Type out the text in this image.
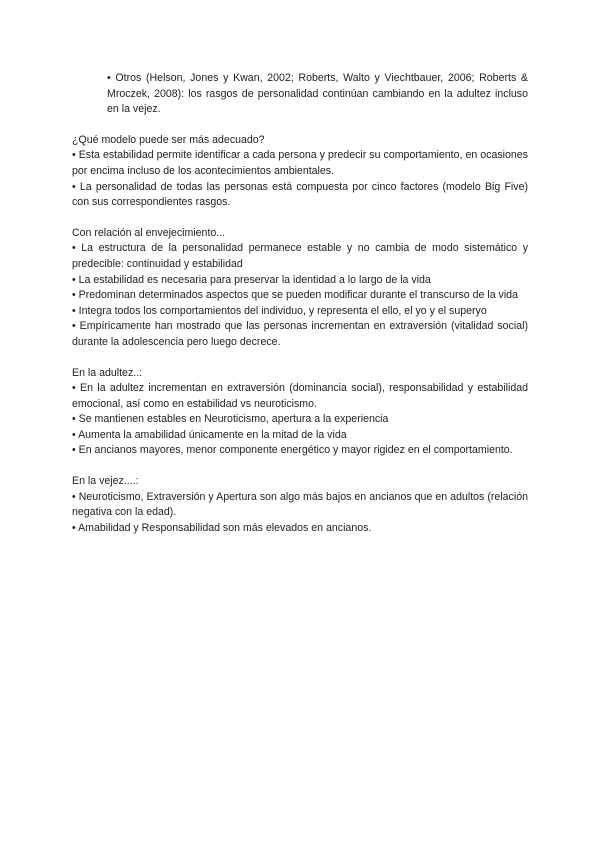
• Otros (Helson, Jones y Kwan, 2002; Roberts, Walto y Viechtbauer, 2006; Roberts & Mroczek, 2008): los rasgos de personalidad continúan cambiando en la adultez incluso en la vejez.

¿Qué modelo puede ser más adecuado?

• Esta estabilidad permite identificar a cada persona y predecir su comportamiento, en ocasiones por encima incluso de los acontecimientos ambientales.

• La personalidad de todas las personas está compuesta por cinco factores (modelo Big Five) con sus correspondientes rasgos.

Con relación al envejecimiento...

• La estructura de la personalidad permanece estable y no cambia de modo sistemático y predecible: continuidad y estabilidad

• La estabilidad es necesaria para preservar la identidad a lo largo de la vida

• Predominan determinados aspectos que se pueden modificar durante el transcurso de la vida

• Integra todos los comportamientos del individuo, y representa el ello, el yo y el superyo

• Empíricamente han mostrado que las personas incrementan en extraversión (vitalidad social) durante la adolescencia pero luego decrece.

En la adultez..:

• En la adultez incrementan en extraversión (dominancia social), responsabilidad y estabilidad emocional, así como en estabilidad vs neuroticismo.

• Se mantienen estables en Neuroticismo, apertura a la experiencia

• Aumenta la amabilidad únicamente en la mitad de la vida

• En ancianos mayores, menor componente energético y mayor rigidez en el comportamiento.

En la vejez....:

• Neuroticismo, Extraversión y Apertura son algo más bajos en ancianos que en adultos (relación negativa con la edad).

• Amabilidad y Responsabilidad son más elevados en ancianos.
